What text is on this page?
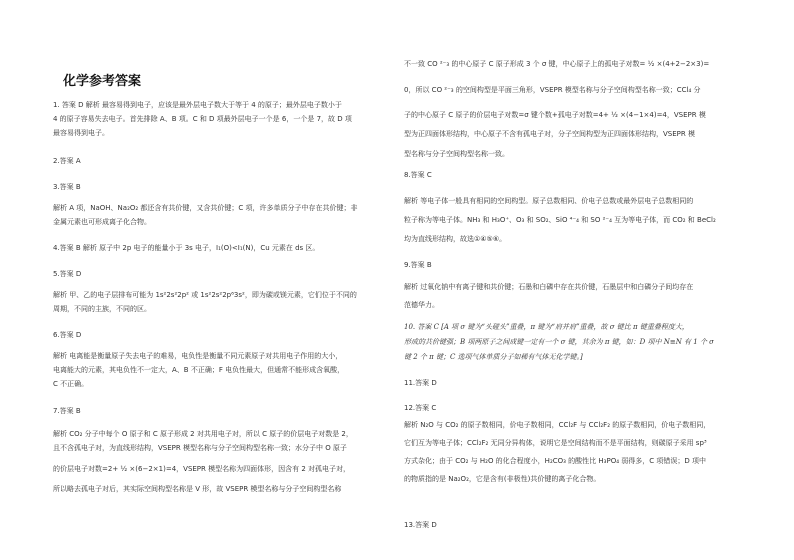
化学参考答案
1. 答案 D 解析 最容易得到电子，应该是最外层电子数大于等于 4 的原子；最外层电子数小于
4 的原子容易失去电子。首先排除 A、B 项。C 和 D 项最外层电子一个是 6，一个是 7，故 D 项
最容易得到电子。
2.答案 A
3.答案 B
解析 A 项，NaOH、Na₂O₂ 都还含有共价键，又含共价键；C 项，许多单质分子中存在共价键；非
金属元素也可形成离子化合物。
4.答案 B 解析 原子中 2p 电子的能量小于 3s 电子，I₁(O)<I₁(N)，Cu 元素在 ds 区。
5.答案 D
解析 甲、乙的电子层排布可能为 1s²2s²2p² 或 1s²2s²2p⁶3s²，即为碳或镁元素，它们位于不同的
周期，不同的主族，不同的区。
6.答案 D
解析 电离能是衡量原子失去电子的难易，电负性是衡量不同元素原子对共用电子作用的大小，
电离能大的元素，其电负性不一定大，A、B 不正确；F 电负性最大，但通常不能形成含氧酸，
C 不正确。
7.答案 B
解析 CO₂ 分子中每个 O 原子和 C 原子形成 2 对共用电子对，所以 C 原子的价层电子对数是 2，
且不含孤电子对，为直线形结构，VSEPR 模型名称与分子空间构型名称一致；水分子中 O 原子
的价层电子对数=2+ ½ ×(6−2×1)=4，VSEPR 模型名称为四面体形，因含有 2 对孤电子对，
所以略去孤电子对后，其实际空间构型名称是 V 形，故 VSEPR 模型名称与分子空间构型名称
不一致 CO ²⁻₃ 的中心原子 C 原子形成 3 个 σ 键，中心原子上的孤电子对数= ½ ×(4+2−2×3)=
0，所以 CO ²⁻₃ 的空间构型是平面三角形，VSEPR 模型名称与分子空间构型名称一致；CCl₄ 分
子的中心原子 C 原子的价层电子对数=σ 键个数+孤电子对数=4+ ½ ×(4−1×4)=4，VSEPR 模
型为正四面体形结构，中心原子不含有孤电子对，分子空间构型为正四面体形结构，VSEPR 模
型名称与分子空间构型名称一致。
8.答案 C
解析 等电子体一般具有相同的空间构型。原子总数相同、价电子总数或最外层电子总数相同的
粒子称为等电子体。NH₃ 和 H₃O⁺、O₃ 和 SO₂、SiO ⁴⁻₄ 和 SO ²⁻₄ 互为等电子体，而 CO₂ 和 BeCl₂
均为直线形结构，故选①④⑤⑥。
9.答案 B
解析 过氧化钠中有离子键和共价键；石墨和白磷中存在共价键，石墨层中和白磷分子间均存在
范德华力。
10. 答案 C [A 项 σ 键为“头碰头”重叠，π 键为“肩并肩”重叠，故 σ 键比 π 键重叠程度大，
形成的共价键强；B 项两原子之间成键一定有一个 σ 键，其余为 π 键，如：D 项中 N≡N 有 1 个 σ
键 2 个 π 键；C 选项气体单质分子如稀有气体无化学键。]
11.答案 D
12.答案 C
解析 N₂O 与 CO₂ 的原子数相同，价电子数相同，CCl₂F 与 CCl₂F₂ 的原子数相同，价电子数相同，
它们互为等电子体；CCl₂F₂ 无同分异构体，说明它是空间结构而不是平面结构，则碳原子采用 sp³
方式杂化；由于 CO₂ 与 H₂O 的化合程度小，H₂CO₃ 的酸性比 H₃PO₄ 弱得多，C 项错误；D 项中
的物质指的是 Na₂O₂，它是含有(非极性)共价键的离子化合物。
13.答案 D
